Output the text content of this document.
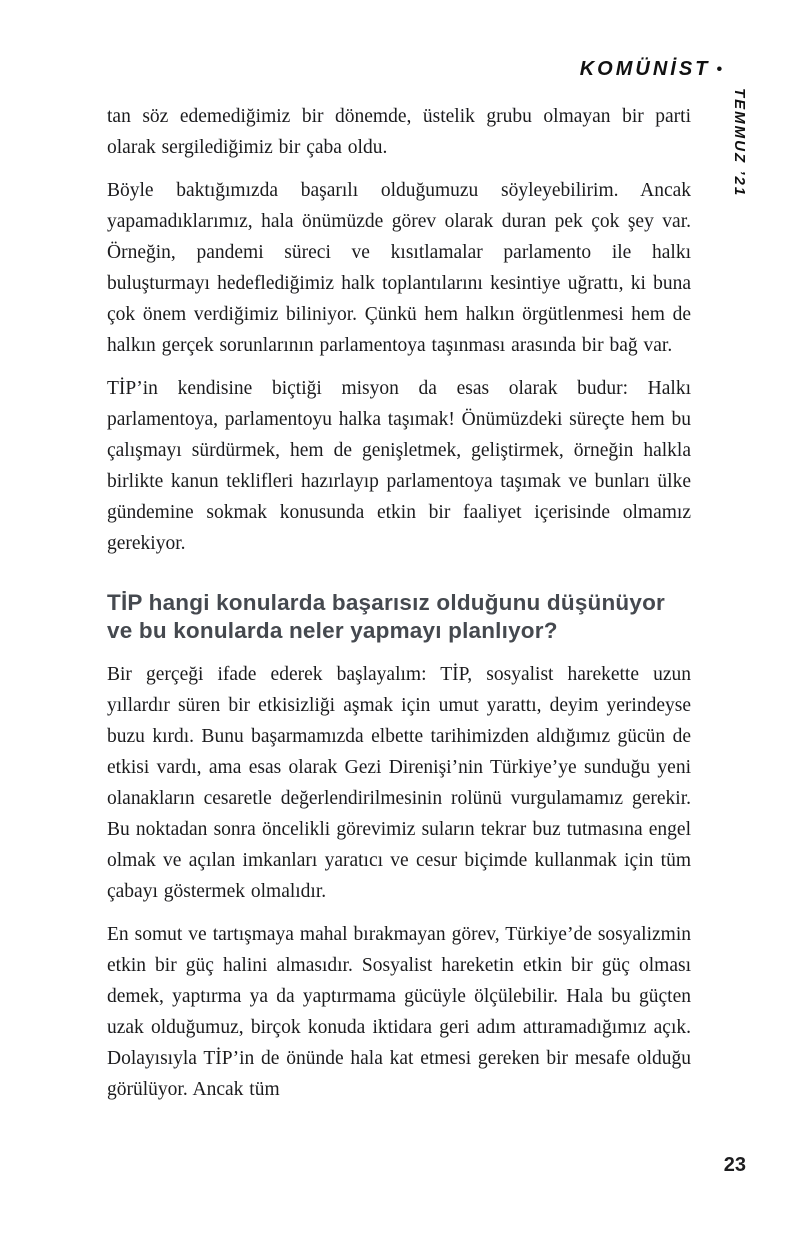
KOMÜNİST •
TEMMUZ ’21

tan söz edemediğimiz bir dönemde, üstelik grubu olmayan bir parti olarak sergilediğimiz bir çaba oldu.

Böyle baktığımızda başarılı olduğumuzu söyleyebilirim. Ancak yapamadıklarımız, hala önümüzde görev olarak duran pek çok şey var. Örneğin, pandemi süreci ve kısıtlamalar parlamento ile halkı buluşturmayı hedeflediğimiz halk toplantılarını kesintiye uğrattı, ki buna çok önem verdiğimiz biliniyor. Çünkü hem halkın örgütlenmesi hem de halkın gerçek sorunlarının parlamentoya taşınması arasında bir bağ var.

TİP’in kendisine biçtiği misyon da esas olarak budur: Halkı parlamentoya, parlamentoyu halka taşımak! Önümüzdeki süreçte hem bu çalışmayı sürdürmek, hem de genişletmek, geliştirmek, örneğin halkla birlikte kanun teklifleri hazırlayıp parlamentoya taşımak ve bunları ülke gündemine sokmak konusunda etkin bir faaliyet içerisinde olmamız gerekiyor.

TİP hangi konularda başarısız olduğunu düşünüyor ve bu konularda neler yapmayı planlıyor?

Bir gerçeği ifade ederek başlayalım: TİP, sosyalist harekette uzun yıllardır süren bir etkisizliği aşmak için umut yarattı, deyim yerindeyse buzu kırdı. Bunu başarmamızda elbette tarihimizden aldığımız gücün de etkisi vardı, ama esas olarak Gezi Direnişi’nin Türkiye’ye sunduğu yeni olanakların cesaretle değerlendirilmesinin rolünü vurgulamamız gerekir. Bu noktadan sonra öncelikli görevimiz suların tekrar buz tutmasına engel olmak ve açılan imkanları yaratıcı ve cesur biçimde kullanmak için tüm çabayı göstermek olmalıdır.

En somut ve tartışmaya mahal bırakmayan görev, Türkiye’de sosyalizmin etkin bir güç halini almasıdır. Sosyalist hareketin etkin bir güç olması demek, yaptırma ya da yaptırmama gücüyle ölçülebilir. Hala bu güçten uzak olduğumuz, birçok konuda iktidara geri adım attıramadığımız açık. Dolayısıyla TİP’in de önünde hala kat etmesi gereken bir mesafe olduğu görülüyor. Ancak tüm

23
